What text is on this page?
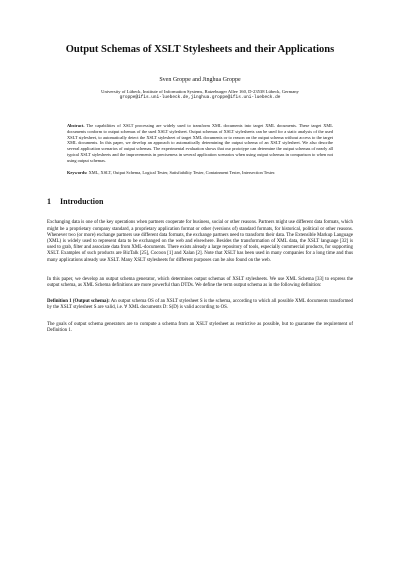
Output Schemas of XSLT Stylesheets and their Applications
Sven Groppe and Jinghua Groppe
University of Lübeck, Institute of Information Systems, Ratzeburger Allee 160, D-23538 Lübeck, Germany
groppe@ifis.uni-luebeck.de,jinghua.groppe@ifis.uni-luebeck.de
Abstract. The capabilities of XSLT processing are widely used to transform XML documents into target XML documents. These target XML documents conform to output schemas of the used XSLT stylesheet. Output schemas of XSLT stylesheets can be used for a static analysis of the used XSLT stylesheet, to automatically detect the XSLT stylesheet of target XML documents or to reason on the output schema without access to the target XML documents. In this paper, we develop an approach to automatically determining the output schema of an XSLT stylesheet. We also describe several application scenarios of output schemas. The experimental evaluation shows that our prototype can determine the output schemas of nearly all typical XSLT stylesheets and the improvements in preciseness in several application scenarios when using output schemas in comparison to when not using output schemas.
Keywords: XML, XSLT, Output Schema, Logical Tester, Satisfiability Tester, Containment Tester, Intersection Tester.
1 Introduction

Exchanging data is one of the key operations when partners cooperate for business, social or other reasons. Partners might use different data formats, which might be a proprietary company standard, a proprietary application format or other (versions of) standard formats, for historical, political or other reasons. Whenever two (or more) exchange partners use different data formats, the exchange partners need to transform their data. The Extensible Markup Language (XML) is widely used to represent data to be exchanged on the web and elsewhere. Besides the transformation of XML data, the XSLT language [32] is used to grab, filter and associate data from XML-documents. There exists already a large repository of tools, especially commercial products, for supporting XSLT. Examples of such products are BizTalk [25], Cocoon [1] and Xalan [2]. Note that XSLT has been used in many companies for a long time and thus many applications already use XSLT. Many XSLT stylesheets for different purposes can be also found on the web.

In this paper, we develop an output schema generator, which determines output schemas of XSLT stylesheets. We use XML Schema [33] to express the output schema, as XML Schema definitions are more powerful than DTDs. We define the term output schema as in the following definition:

Definition 1 (Output schema): An output schema OS of an XSLT stylesheet S is the schema, according to which all possible XML documents transformed by the XSLT stylesheet S are valid, i.e. ∀ XML documents D: S(D) is valid according to OS.

The goals of output schema generators are to compute a schema from an XSLT stylesheet as restrictive as possible, but to guarantee the requirement of Definition 1.
